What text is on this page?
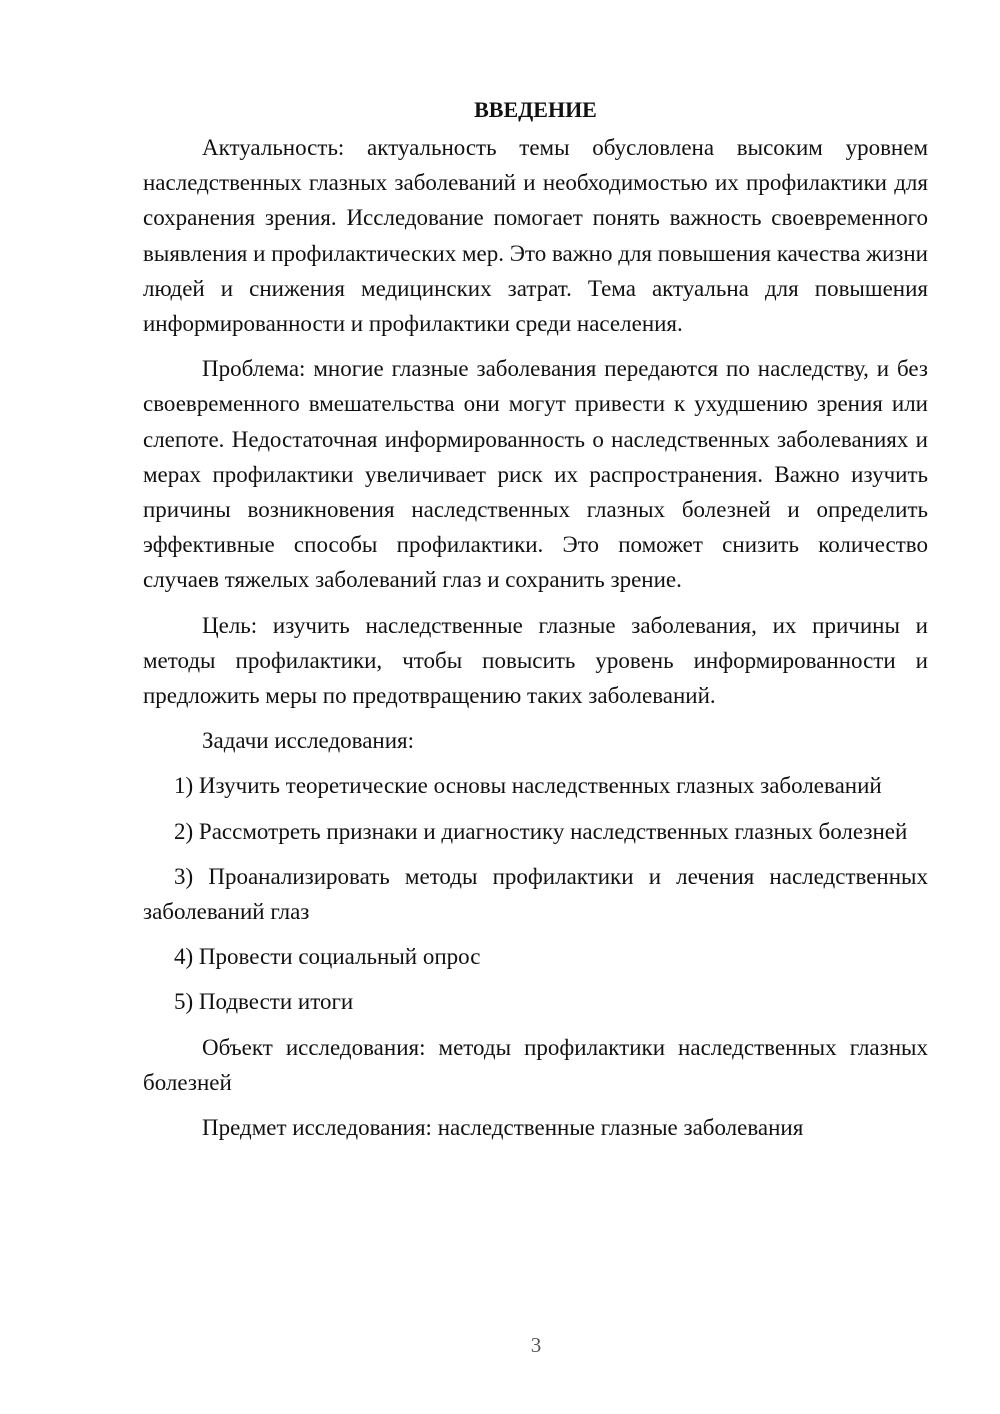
ВВЕДЕНИЕ

Актуальность: актуальность темы обусловлена высоким уровнем наследственных глазных заболеваний и необходимостью их профилактики для сохранения зрения. Исследование помогает понять важность своевременного выявления и профилактических мер. Это важно для повышения качества жизни людей и снижения медицинских затрат. Тема актуальна для повышения информированности и профилактики среди населения.

Проблема: многие глазные заболевания передаются по наследству, и без своевременного вмешательства они могут привести к ухудшению зрения или слепоте. Недостаточная информированность о наследственных заболеваниях и мерах профилактики увеличивает риск их распространения. Важно изучить причины возникновения наследственных глазных болезней и определить эффективные способы профилактики. Это поможет снизить количество случаев тяжелых заболеваний глаз и сохранить зрение.

Цель: изучить наследственные глазные заболевания, их причины и методы профилактики, чтобы повысить уровень информированности и предложить меры по предотвращению таких заболеваний.

Задачи исследования:

1) Изучить теоретические основы наследственных глазных заболеваний

2) Рассмотреть признаки и диагностику наследственных глазных болезней

3) Проанализировать методы профилактики и лечения наследственных заболеваний глаз

4) Провести социальный опрос

5) Подвести итоги

Объект исследования: методы профилактики наследственных глазных болезней

Предмет исследования: наследственные глазные заболевания

3
